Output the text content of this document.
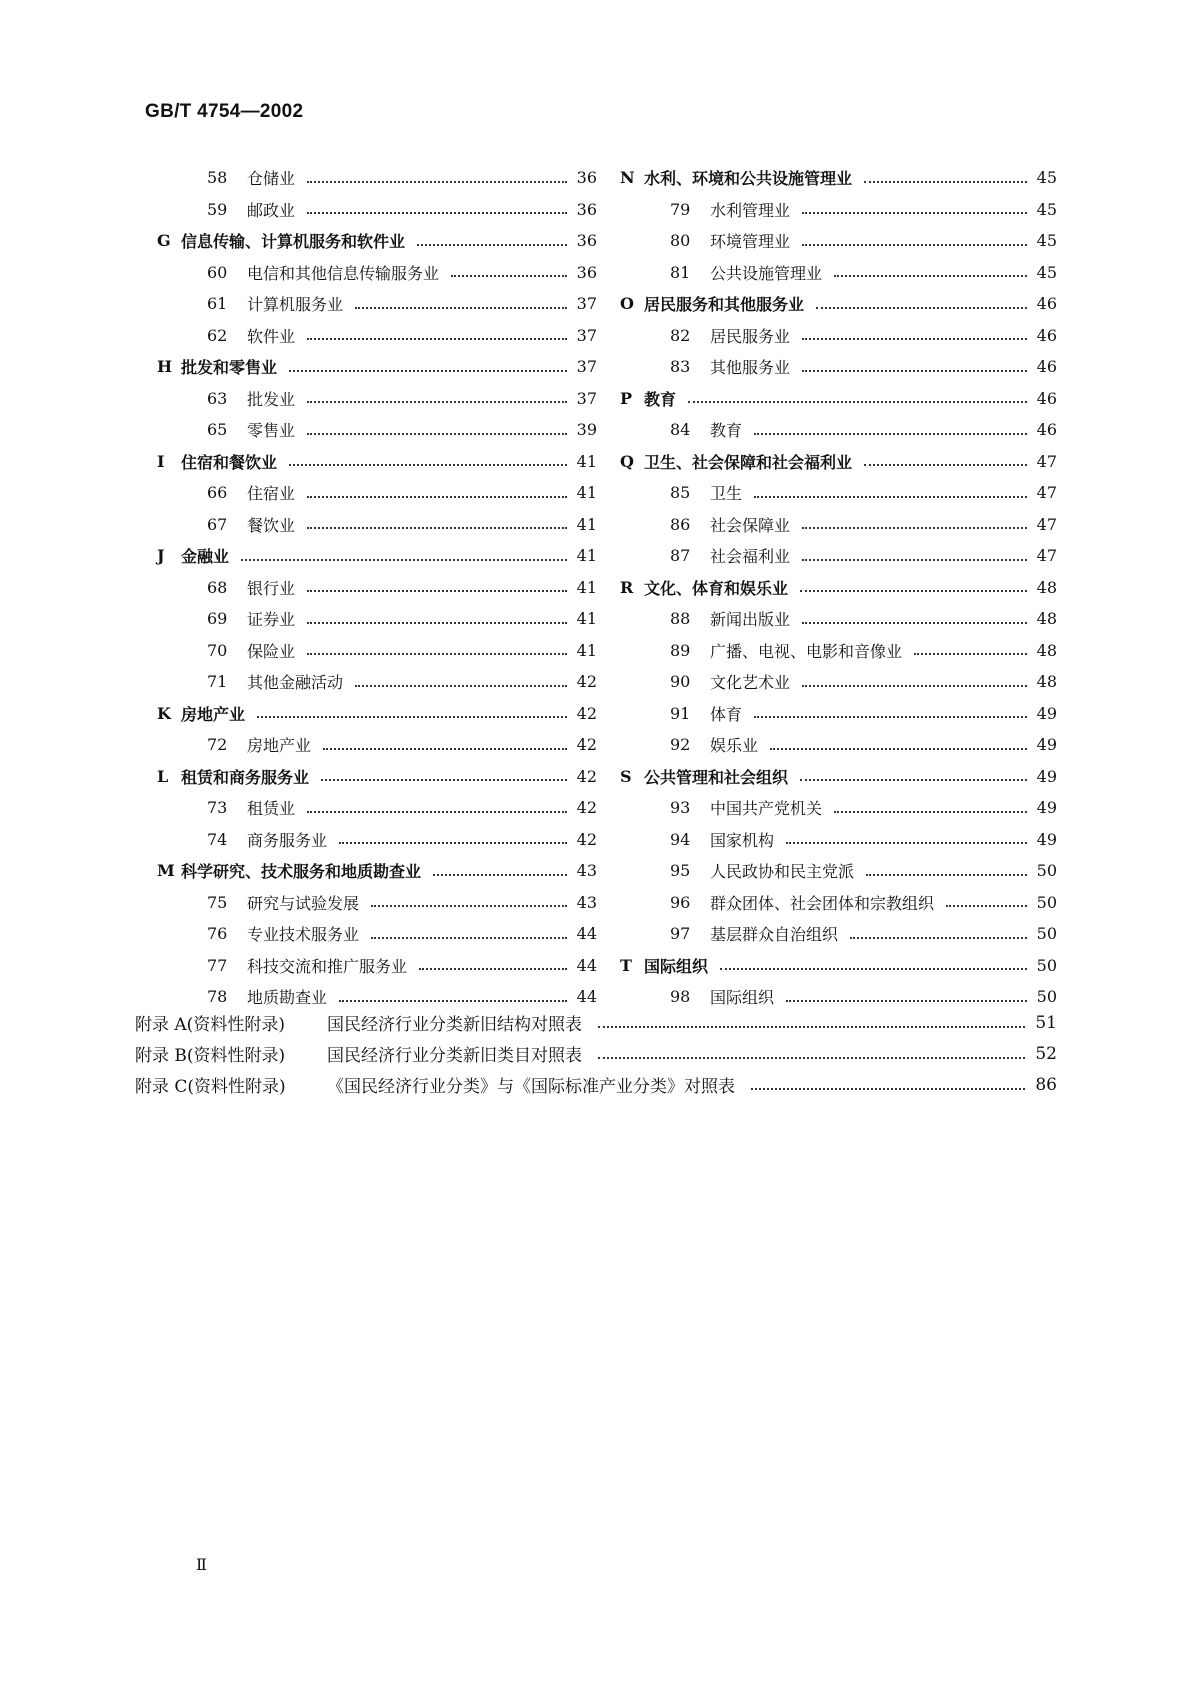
GB/T 4754—2002
58	仓储业	36
59	邮政业	36
G 信息传输、计算机服务和软件业	36
60	电信和其他信息传输服务业	36
61	计算机服务业	37
62	软件业	37
H 批发和零售业	37
63	批发业	37
65	零售业	39
I	住宿和餐饮业	41
66	住宿业	41
67	餐饮业	41
J	金融业	41
68	银行业	41
69	证券业	41
70	保险业	41
71	其他金融活动	42
K 房地产业	42
72	房地产业	42
L 租赁和商务服务业	42
73	租赁业	42
74	商务服务业	42
M 科学研究、技术服务和地质勘查业	43
75	研究与试验发展	43
76	专业技术服务业	44
77	科技交流和推广服务业	44
78	地质勘查业	44
N 水利、环境和公共设施管理业	45
79	水利管理业	45
80	环境管理业	45
81	公共设施管理业	45
O 居民服务和其他服务业	46
82	居民服务业	46
83	其他服务业	46
P 教育	46
84	教育	46
Q 卫生、社会保障和社会福利业	47
85	卫生	47
86	社会保障业	47
87	社会福利业	47
R 文化、体育和娱乐业	48
88	新闻出版业	48
89	广播、电视、电影和音像业	48
90	文化艺术业	48
91	体育	49
92	娱乐业	49
S 公共管理和社会组织	49
93	中国共产党机关	49
94	国家机构	49
95	人民政协和民主党派	50
96	群众团体、社会团体和宗教组织	50
97	基层群众自治组织	50
T 国际组织	50
98	国际组织	50
附录 A(资料性附录)	国民经济行业分类新旧结构对照表	51
附录 B(资料性附录)	国民经济行业分类新旧类目对照表	52
附录 C(资料性附录)	《国民经济行业分类》与《国际标准产业分类》对照表	86
Ⅱ
